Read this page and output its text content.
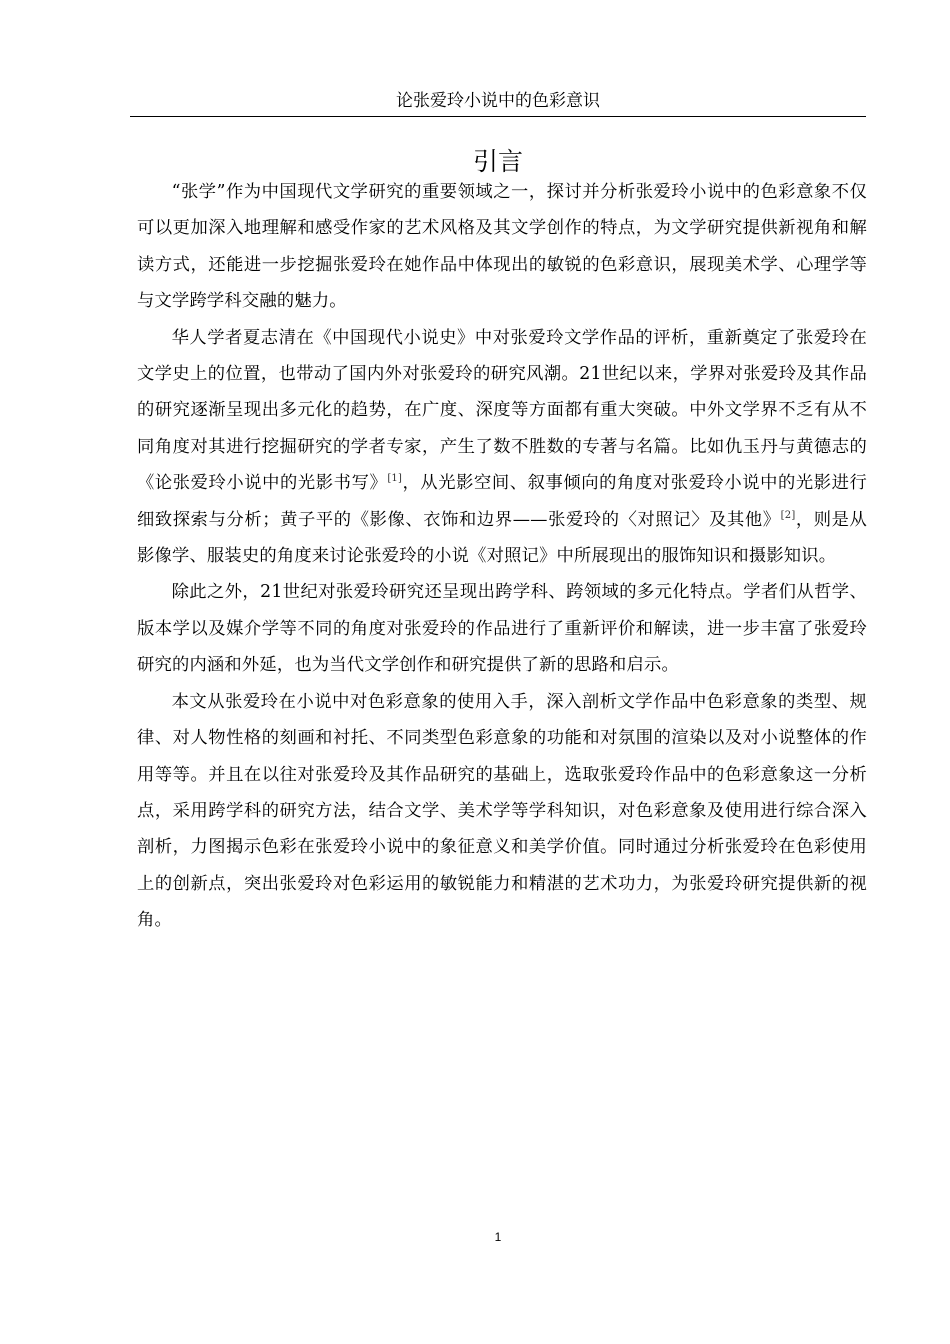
论张爱玲小说中的色彩意识
引言

“张学”作为中国现代文学研究的重要领域之一，探讨并分析张爱玲小说中的色彩意象不仅可以更加深入地理解和感受作家的艺术风格及其文学创作的特点，为文学研究提供新视角和解读方式，还能进一步挖掘张爱玲在她作品中体现出的敏锐的色彩意识，展现美术学、心理学等与文学跨学科交融的魅力。

华人学者夏志清在《中国现代小说史》中对张爱玲文学作品的评析，重新奠定了张爱玲在文学史上的位置，也带动了国内外对张爱玲的研究风潮。21世纪以来，学界对张爱玲及其作品的研究逐渐呈现出多元化的趋势，在广度、深度等方面都有重大突破。中外文学界不乏有从不同角度对其进行挖掘研究的学者专家，产生了数不胜数的专著与名篇。比如仇玉丹与黄德志的《论张爱玲小说中的光影书写》[1]，从光影空间、叙事倾向的角度对张爱玲小说中的光影进行细致探索与分析；黄子平的《影像、衣饰和边界——张爱玲的〈对照记〉及其他》[2]，则是从影像学、服装史的角度来讨论张爱玲的小说《对照记》中所展现出的服饰知识和摄影知识。

除此之外，21世纪对张爱玲研究还呈现出跨学科、跨领域的多元化特点。学者们从哲学、版本学以及媒介学等不同的角度对张爱玲的作品进行了重新评价和解读，进一步丰富了张爱玲研究的内涵和外延，也为当代文学创作和研究提供了新的思路和启示。

本文从张爱玲在小说中对色彩意象的使用入手，深入剖析文学作品中色彩意象的类型、规律、对人物性格的刻画和衬托、不同类型色彩意象的功能和对氛围的渲染以及对小说整体的作用等等。并且在以往对张爱玲及其作品研究的基础上，选取张爱玲作品中的色彩意象这一分析点，采用跨学科的研究方法，结合文学、美术学等学科知识，对色彩意象及使用进行综合深入剖析，力图揭示色彩在张爱玲小说中的象征意义和美学价值。同时通过分析张爱玲在色彩使用上的创新点，突出张爱玲对色彩运用的敏锐能力和精湛的艺术功力，为张爱玲研究提供新的视角。

1
